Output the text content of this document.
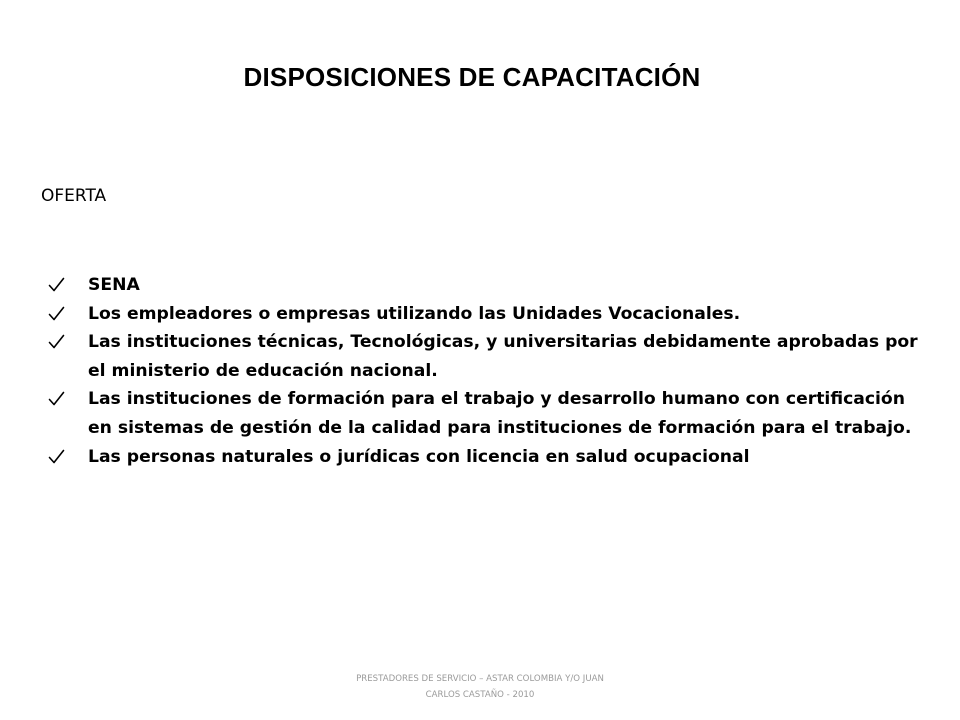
DISPOSICIONES DE CAPACITACIÓN

OFERTA

SENA
Los empleadores o empresas utilizando las Unidades Vocacionales.
Las instituciones técnicas, Tecnológicas, y universitarias debidamente aprobadas por el ministerio de educación nacional.
Las instituciones de formación para el trabajo y desarrollo humano con certificación en sistemas de gestión de la calidad para instituciones de formación para el trabajo.
Las personas naturales o jurídicas con licencia en salud ocupacional
PRESTADORES DE SERVICIO – ASTAR COLOMBIA Y/O JUAN
CARLOS CASTAÑO - 2010
